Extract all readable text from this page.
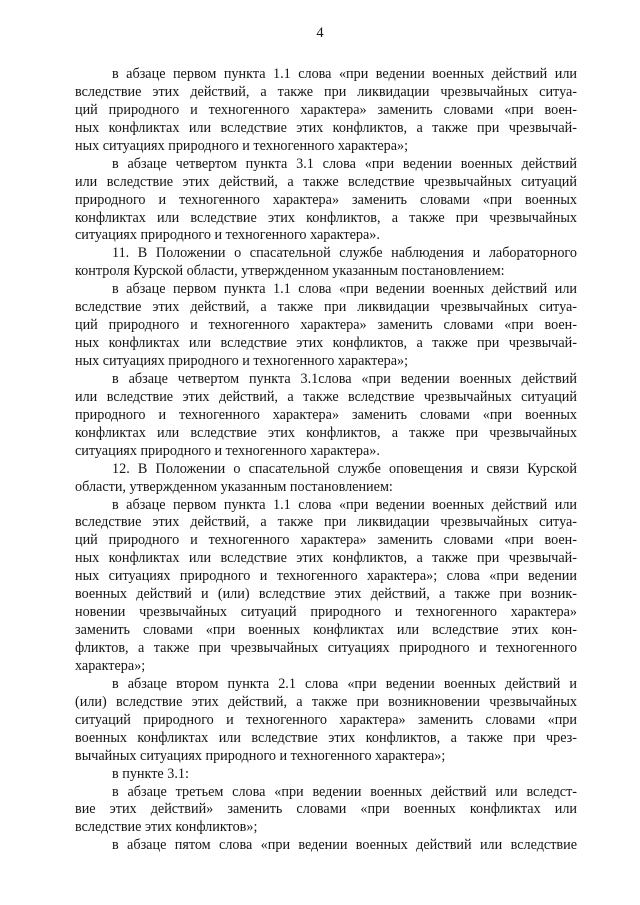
4
в абзаце первом пункта 1.1 слова «при ведении военных действий или
вследствие этих действий, а также при ликвидации чрезвычайных ситуа-
ций природного и техногенного характера» заменить словами «при воен-
ных конфликтах или вследствие этих конфликтов, а также при чрезвычай-
ных ситуациях природного и техногенного характера»;
в абзаце четвертом пункта 3.1 слова «при ведении военных действий
или вследствие этих действий, а также вследствие чрезвычайных ситуаций
природного и техногенного характера» заменить словами «при военных
конфликтах или вследствие этих конфликтов, а также при чрезвычайных
ситуациях природного и техногенного характера».
11. В Положении о спасательной службе наблюдения и лабораторного
контроля Курской области, утвержденном указанным постановлением:
в абзаце первом пункта 1.1 слова «при ведении военных действий или
вследствие этих действий, а также при ликвидации чрезвычайных ситуа-
ций природного и техногенного характера» заменить словами «при воен-
ных конфликтах или вследствие этих конфликтов, а также при чрезвычай-
ных ситуациях природного и техногенного характера»;
в абзаце четвертом пункта 3.1слова «при ведении военных действий
или вследствие этих действий, а также вследствие чрезвычайных ситуаций
природного и техногенного характера» заменить словами «при военных
конфликтах или вследствие этих конфликтов, а также при чрезвычайных
ситуациях природного и техногенного характера».
12. В Положении о спасательной службе оповещения и связи Курской
области, утвержденном указанным постановлением:
в абзаце первом пункта 1.1 слова «при ведении военных действий или
вследствие этих действий, а также при ликвидации чрезвычайных ситуа-
ций природного и техногенного характера» заменить словами «при воен-
ных конфликтах или вследствие этих конфликтов, а также при чрезвычай-
ных ситуациях природного и техногенного характера»; слова «при ведении
военных действий и (или) вследствие этих действий, а также при возник-
новении чрезвычайных ситуаций природного и техногенного характера»
заменить словами «при военных конфликтах или вследствие этих кон-
фликтов, а также при чрезвычайных ситуациях природного и техногенного
характера»;
в абзаце втором пункта 2.1 слова «при ведении военных действий и
(или) вследствие этих действий, а также при возникновении чрезвычайных
ситуаций природного и техногенного характера» заменить словами «при
военных конфликтах или вследствие этих конфликтов, а также при чрез-
вычайных ситуациях природного и техногенного характера»;
в пункте 3.1:
в абзаце третьем слова «при ведении военных действий или вследст-
вие этих действий» заменить словами «при военных конфликтах или
вследствие этих конфликтов»;
в абзаце пятом слова «при ведении военных действий или вследствие
